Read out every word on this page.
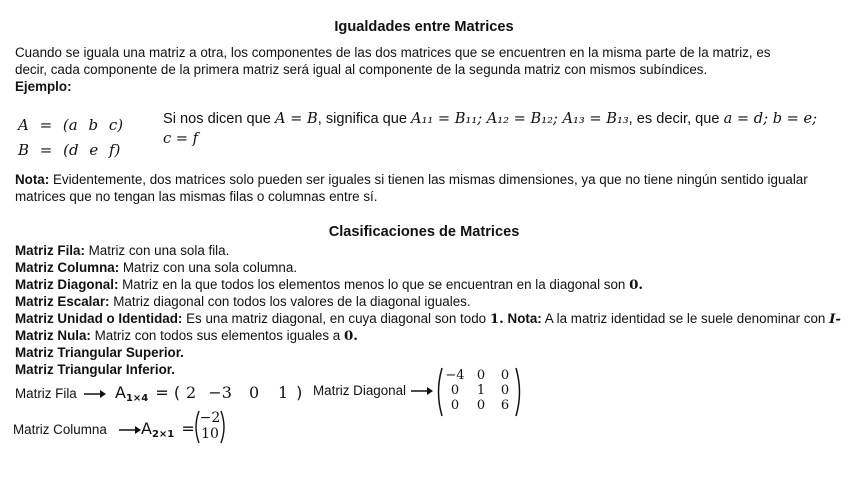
Igualdades entre Matrices
Cuando se iguala una matriz a otra, los componentes de las dos matrices que se encuentren en la misma parte de la matriz, es
decir, cada componente de la primera matriz será igual al componente de la segunda matriz con mismos subíndices.
Ejemplo:
A = (a b c)
B = (d e f)
Si nos dicen que A = B, significa que A₁₁ = B₁₁; A₁₂ = B₁₂; A₁₃ = B₁₃, es decir, que a = d; b = e;
c = f
Nota: Evidentemente, dos matrices solo pueden ser iguales si tienen las mismas dimensiones, ya que no tiene ningún sentido igualar
matrices que no tengan las mismas filas o columnas entre sí.
Clasificaciones de Matrices
Matriz Fila: Matriz con una sola fila.
Matriz Columna: Matriz con una sola columna.
Matriz Diagonal: Matriz en la que todos los elementos menos lo que se encuentran en la diagonal son 0.
Matriz Escalar: Matriz diagonal con todos los valores de la diagonal iguales.
Matriz Unidad o Identidad: Es una matriz diagonal, en cuya diagonal son todo 1. Nota: A la matriz identidad se le suele denominar con I-
Matriz Nula: Matriz con todos sus elementos iguales a 0.
Matriz Triangular Superior.
Matriz Triangular Inferior.
Matriz Fila A1×4 = ( 2 −3 0 1 ) Matriz Diagonal
−4 0	0
0	1	0
0	0	6
Matriz Columna A2×1 =
−2
10
